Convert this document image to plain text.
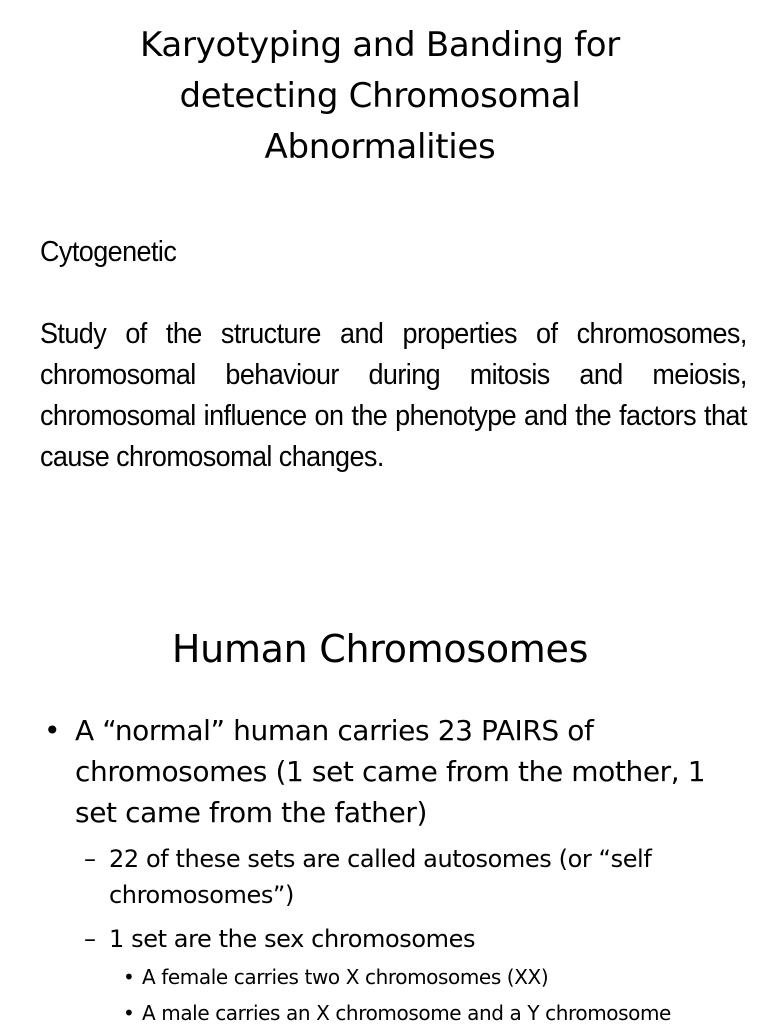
Karyotyping and Banding for detecting Chromosomal Abnormalities
Cytogenetic
Study of the structure and properties of chromosomes, chromosomal behaviour during mitosis and meiosis, chromosomal influence on the phenotype and the factors that cause chromosomal changes.
Human Chromosomes
• A “normal” human carries 23 PAIRS of chromosomes (1 set came from the mother, 1 set came from the father)
– 22 of these sets are called autosomes (or “self chromosomes”)
– 1 set are the sex chromosomes
• A female carries two X chromosomes (XX)
• A male carries an X chromosome and a Y chromosome
